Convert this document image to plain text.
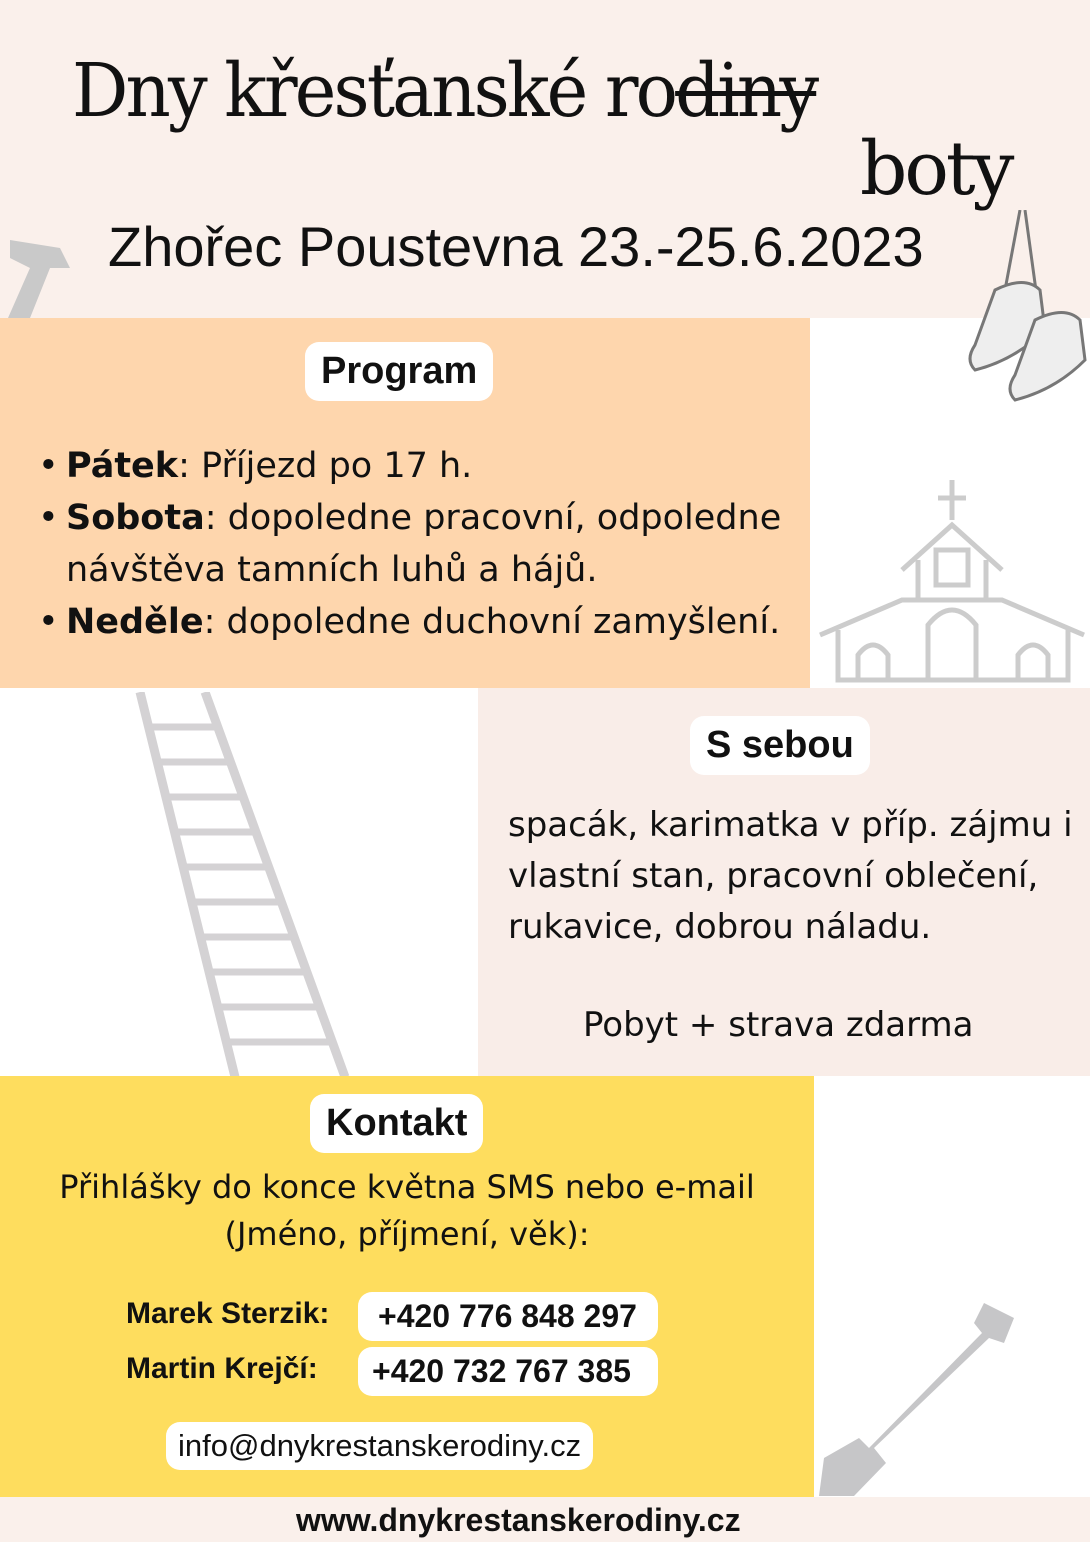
Dny křesťanské rodiny
boty
Zhořec Poustevna 23.-25.6.2023
Program
• Pátek: Příjezd po 17 h.
• Sobota: dopoledne pracovní, odpoledne návštěva tamních luhů a hájů.
• Neděle: dopoledne duchovní zamyšlení.
S sebou
spacák, karimatka v příp. zájmu i vlastní stan, pracovní oblečení, rukavice, dobrou náladu.
Pobyt + strava zdarma
Kontakt
Přihlášky do konce května SMS nebo e-mail
(Jméno, příjmení, věk):
Marek Sterzik:	+420 776 848 297
Martin Krejčí:	+420 732 767 385
info@dnykrestanskerodiny.cz
www.dnykrestanskerodiny.cz
